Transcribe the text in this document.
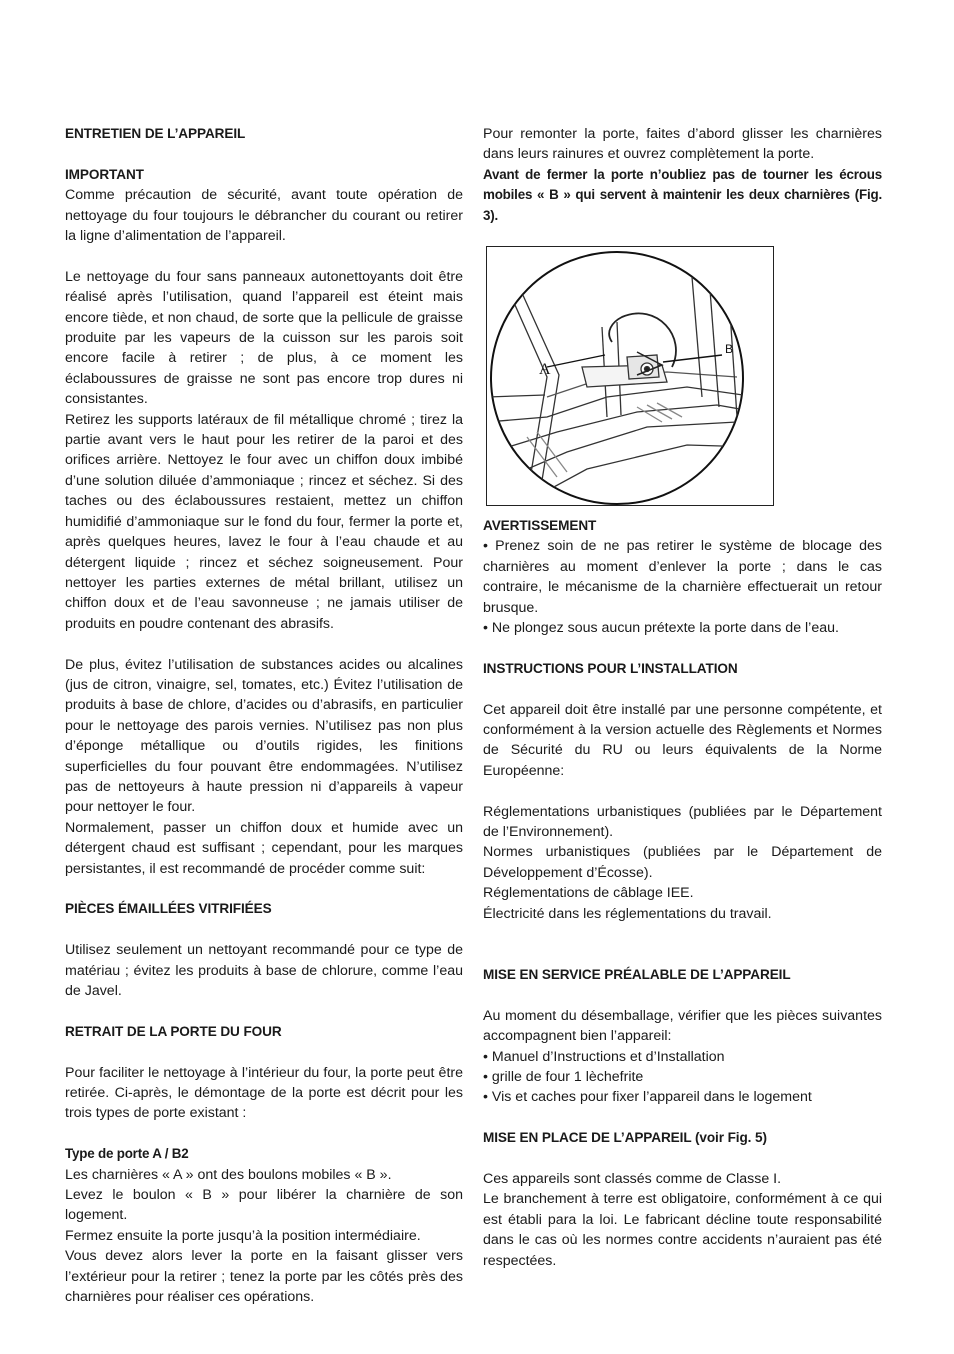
ENTRETIEN DE L’APPAREIL

IMPORTANT

Comme précaution de sécurité, avant toute opération de nettoyage du four toujours le débrancher du courant ou retirer la ligne d’alimentation de l’appareil.

Le nettoyage du four sans panneaux autonettoyants doit être réalisé après l’utilisation, quand l’appareil est éteint mais encore tiède, et non chaud, de sorte que la pellicule de graisse produite par les vapeurs de la cuisson sur les parois soit encore facile à retirer ; de plus, à ce moment les éclaboussures de graisse ne sont pas encore trop dures ni consistantes.

Retirez les supports latéraux de fil métallique chromé ; tirez la partie avant vers le haut pour les retirer de la paroi et des orifices arrière. Nettoyez le four avec un chiffon doux imbibé d’une solution diluée d’ammoniaque ; rincez et séchez. Si des taches ou des éclaboussures restaient, mettez un chiffon humidifié d’ammoniaque sur le fond du four, fermer la porte et, après quelques heures, lavez le four à l’eau chaude et au détergent liquide ; rincez et séchez soigneusement. Pour nettoyer les parties externes de métal brillant, utilisez un chiffon doux et de l’eau savonneuse ; ne jamais utiliser de produits en poudre contenant des abrasifs.

De plus, évitez l’utilisation de substances acides ou alcalines (jus de citron, vinaigre, sel, tomates, etc.) Évitez l’utilisation de produits à base de chlore, d’acides ou d’abrasifs, en particulier pour le nettoyage des parois vernies. N’utilisez pas non plus d’éponge métallique ou d’outils rigides, les finitions superficielles du four pouvant être endommagées. N’utilisez pas de nettoyeurs à haute pression ni d’appareils à vapeur pour nettoyer le four.

Normalement, passer un chiffon doux et humide avec un détergent chaud est suffisant ; cependant, pour les marques persistantes, il est recommandé de procéder comme suit:

PIÈCES ÉMAILLÉES VITRIFIÉES

Utilisez seulement un nettoyant recommandé pour ce type de matériau ; évitez les produits à base de chlorure, comme l’eau de Javel.

RETRAIT DE LA PORTE DU FOUR

Pour faciliter le nettoyage à l’intérieur du four, la porte peut être retirée. Ci-après, le démontage de la porte est décrit pour les trois types de porte existant :

Type de porte A / B2

Les charnières « A » ont des boulons mobiles « B ».

Levez le boulon « B » pour libérer la charnière de son logement.

Fermez ensuite la porte jusqu’à la position intermédiaire.

Vous devez alors lever la porte en la faisant glisser vers l’extérieur pour la retirer ; tenez la porte par les côtés près des charnières pour réaliser ces opérations.

Pour remonter la porte, faites d’abord glisser les charnières dans leurs rainures et ouvrez complètement la porte.

Avant de fermer la porte n’oubliez pas de tourner les écrous mobiles « B » qui servent à maintenir les deux charnières (Fig. 3).

A
B

AVERTISSEMENT

• Prenez soin de ne pas retirer le système de blocage des charnières au moment d’enlever la porte ; dans le cas contraire, le mécanisme de la charnière effectuerait un retour brusque.

• Ne plongez sous aucun prétexte la porte dans de l’eau.

INSTRUCTIONS POUR L’INSTALLATION

Cet appareil doit être installé par une personne compétente, et conformément à la version actuelle des Règlements et Normes de Sécurité du RU ou leurs équivalents de la Norme Européenne:

Réglementations urbanistiques (publiées par le Département de l’Environnement).

Normes urbanistiques (publiées par le Département de Développement d’Écosse).

Réglementations de câblage IEE.

Électricité dans les réglementations du travail.

MISE EN SERVICE PRÉALABLE DE L’APPAREIL

Au moment du désemballage, vérifier que les pièces suivantes accompagnent bien l’appareil:

• Manuel d’Instructions et d’Installation

• grille de four 1 lèchefrite

• Vis et caches pour fixer l’appareil dans le logement

MISE EN PLACE DE L’APPAREIL (voir Fig. 5)

Ces appareils sont classés comme de Classe I.

Le branchement à terre est obligatoire, conformément à ce qui est établi para la loi. Le fabricant décline toute responsabilité dans le cas où les normes contre accidents n’auraient pas été respectées.
